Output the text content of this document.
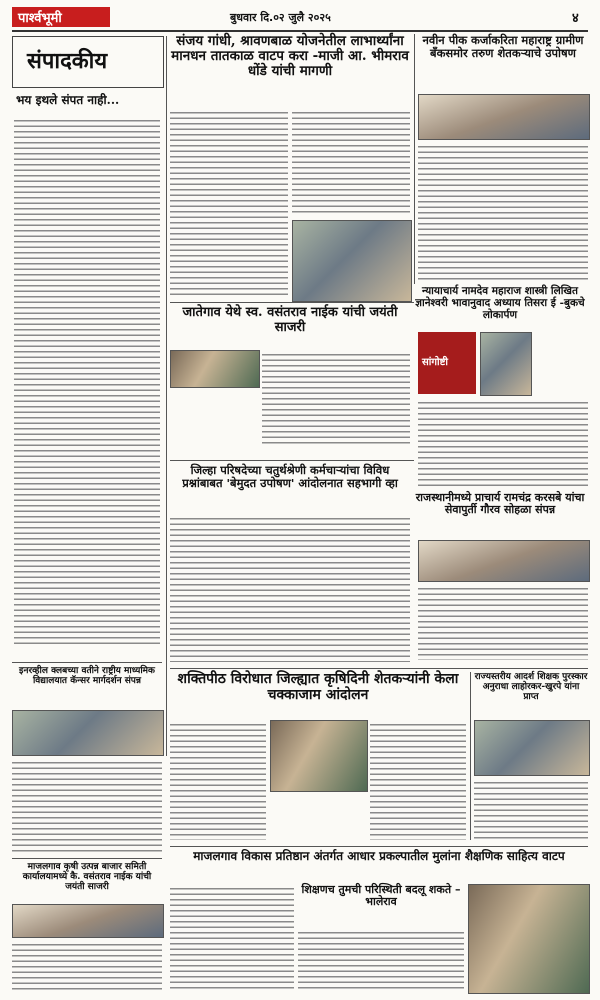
पार्श्वभूमी	बुधवार दि.०२ जुलै २०२५	४
संपादकीय
भय इथले संपत नाही...
संजय गांधी, श्रावणबाळ योजनेतील लाभार्थ्यांना मानधन तातकाळ वाटप करा -माजी आ. भीमराव धोंडे यांची मागणी
नवीन पीक कर्जाकरिता महाराष्ट्र ग्रामीण बॅंकसमोर तरुण शेतकऱ्याचे उपोषण
जातेगाव येथे स्व. वसंतराव नाईक यांची जयंती साजरी
न्यायाचार्य नामदेव महाराज शास्त्री लिखित ज्ञानेश्वरी भावानुवाद अध्याय तिसरा ई -बुकचे लोकार्पण
सांगोष्टी
जिल्हा परिषदेच्या चतुर्थश्रेणी कर्मचाऱ्यांचा विविध प्रश्नांबाबत 'बेमुदत उपोषण' आंदोलनात सहभागी व्हा
राजस्थानीमध्ये प्राचार्य रामचंद्र करसबे यांचा सेवापुर्ती गौरव सोहळा संपन्न
इनरव्हील क्लबच्या वतीने राष्ट्रीय माध्यमिक विद्यालयात कॅन्सर मार्गदर्शन संपन्न	शक्तिपीठ विरोधात जिल्ह्यात कृषिदिनी शेतकऱ्यांनी केला चक्काजाम आंदोलन
राज्यस्तरीय आदर्श शिक्षक पुरस्कार अनुराधा लाहोरकर-खुरपे यांना प्राप्त
माजलगाव कृषी उत्पन्न बाजार समिती कार्यालयामध्ये कै. वसंतराव नाईक यांची जयंती साजरी
माजलगाव विकास प्रतिष्ठान अंतर्गत आधार प्रकल्पातील मुलांना शैक्षणिक साहित्य वाटप
शिक्षणच तुमची परिस्थिती बदलू शकते – भालेराव
